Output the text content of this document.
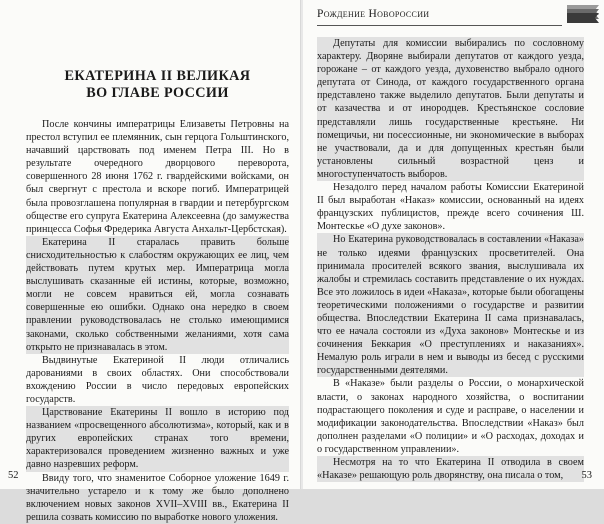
ЕКАТЕРИНА II ВЕЛИКАЯ
ВО ГЛАВЕ РОССИИ

После кончины императрицы Елизаветы Петровны на престол вступил ее племянник, сын герцога Гольштинского, начавший царствовать под именем Петра III. Но в результате очередного дворцового переворота, совершенного 28 июня 1762 г. гвардейскими войсками, он был свергнут с престола и вскоре погиб. Императрицей была провозглашена популярная в гвардии и петербургском обществе его супруга Екатерина Алексеевна (до замужества принцесса Софья Фредерика Августа Анхальт-Цербстская).

Екатерина II старалась править больше снисходительностью к слабостям окружающих ее лиц, чем действовать путем крутых мер. Императрица могла выслушивать сказанные ей истины, которые, возможно, могли не совсем нравиться ей, могла сознавать совершенные ею ошибки. Однако она нередко в своем правлении руководствовалась не столько имеющимися законами, сколько собственными желаниями, хотя сама открыто не признавалась в этом.

Выдвинутые Екатериной II люди отличались дарованиями в своих областях. Они способствовали вхождению России в число передовых европейских государств.

Царствование Екатерины II вошло в историю под названием «просвещенного абсолютизма», который, как и в других европейских странах того времени, характеризовался проведением жизненно важных и уже давно назревших реформ.

Ввиду того, что знаменитое Соборное уложение 1649 г. значительно устарело и к тому же было дополнено включением новых законов XVII–XVIII вв., Екатерина II решила созвать комиссию по выработке нового уложения.

52
Рождение Новороссии

Депутаты для комиссии выбирались по сословному характеру. Дворяне выбирали депутатов от каждого уезда, горожане – от каждого уезда, духовенство выбрало одного депутата от Синода, от каждого государственного органа представлено также выделило депутатов. Были депутаты и от казачества и от инородцев. Крестьянское сословие представляли лишь государственные крестьяне. Ни помещичьи, ни посессионные, ни экономические в выборах не участвовали, да и для допущенных крестьян были установлены сильный возрастной ценз и многоступенчатость выборов.

Незадолго перед началом работы Комиссии Екатериной II был выработан «Наказ» комиссии, основанный на идеях французских публицистов, прежде всего сочинения Ш. Монтескье «О духе законов».

Но Екатерина руководствовалась в составлении «Наказа» не только идеями французских просветителей. Она принимала просителей всякого звания, выслушивала их жалобы и стремилась составить представление о их нуждах. Все это ложилось в идеи «Наказа», которые были обогащены теоретическими положениями о государстве и развитии общества. Впоследствии Екатерина II сама признавалась, что ее начала состояли из «Духа законов» Монтескье и из сочинения Беккария «О преступлениях и наказаниях». Немалую роль играли в нем и выводы из бесед с русскими государственными деятелями.

В «Наказе» были разделы о России, о монархической власти, о законах народного хозяйства, о воспитании подрастающего поколения и суде и расправе, о населении и модификации законодательства. Впоследствии «Наказ» был дополнен разделами «О полиции» и «О расходах, доходах и о государственном управлении».

Несмотря на то что Екатерина II отводила в своем «Наказе» решающую роль дворянству, она писала о том,	53
